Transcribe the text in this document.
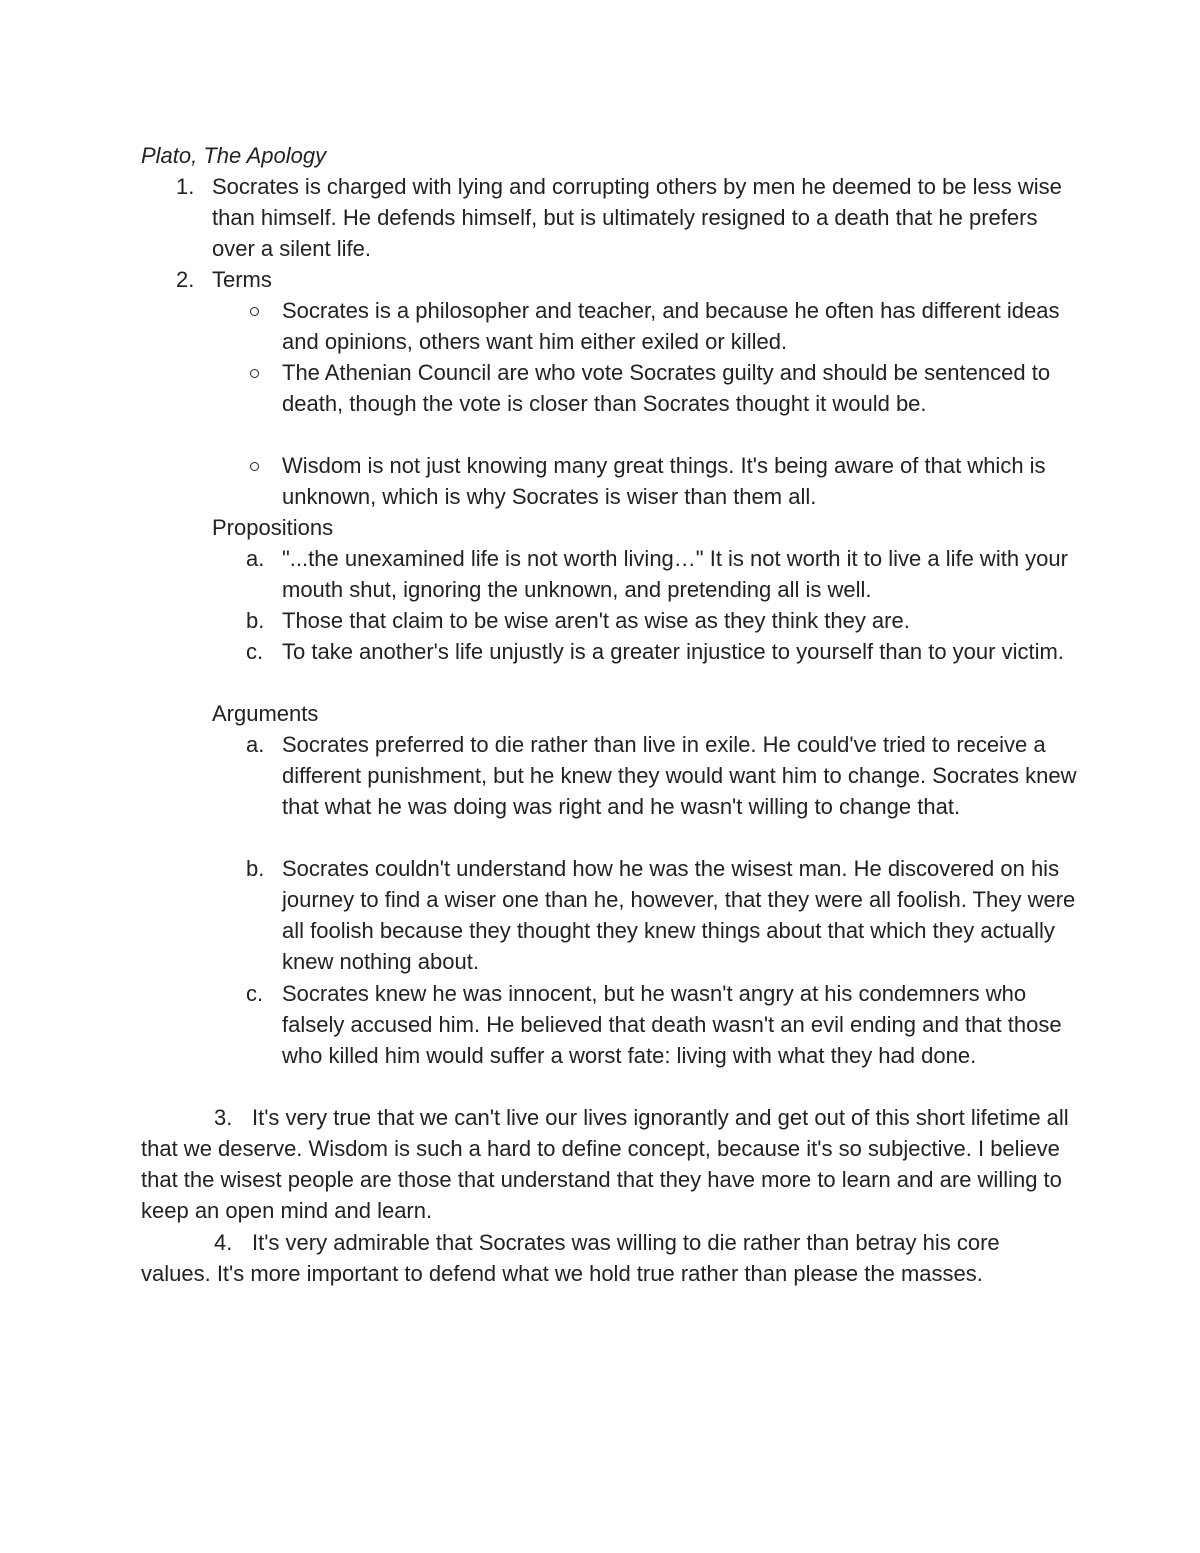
Plato, The Apology
1. Socrates is charged with lying and corrupting others by men he deemed to be less wise than himself. He defends himself, but is ultimately resigned to a death that he prefers over a silent life.
2. Terms
Socrates is a philosopher and teacher, and because he often has different ideas and opinions, others want him either exiled or killed.
The Athenian Council are who vote Socrates guilty and should be sentenced to death, though the vote is closer than Socrates thought it would be.
Wisdom is not just knowing many great things. It's being aware of that which is unknown, which is why Socrates is wiser than them all.
Propositions
a. "...the unexamined life is not worth living…" It is not worth it to live a life with your mouth shut, ignoring the unknown, and pretending all is well.
b. Those that claim to be wise aren't as wise as they think they are.
c. To take another's life unjustly is a greater injustice to yourself than to your victim.
Arguments
a. Socrates preferred to die rather than live in exile. He could've tried to receive a different punishment, but he knew they would want him to change. Socrates knew that what he was doing was right and he wasn't willing to change that.
b. Socrates couldn't understand how he was the wisest man. He discovered on his journey to find a wiser one than he, however, that they were all foolish. They were all foolish because they thought they knew things about that which they actually knew nothing about.
c. Socrates knew he was innocent, but he wasn't angry at his condemners who falsely accused him. He believed that death wasn't an evil ending and that those who killed him would suffer a worst fate: living with what they had done.
3. It's very true that we can't live our lives ignorantly and get out of this short lifetime all that we deserve. Wisdom is such a hard to define concept, because it's so subjective. I believe that the wisest people are those that understand that they have more to learn and are willing to keep an open mind and learn.
4. It's very admirable that Socrates was willing to die rather than betray his core values. It's more important to defend what we hold true rather than please the masses.
